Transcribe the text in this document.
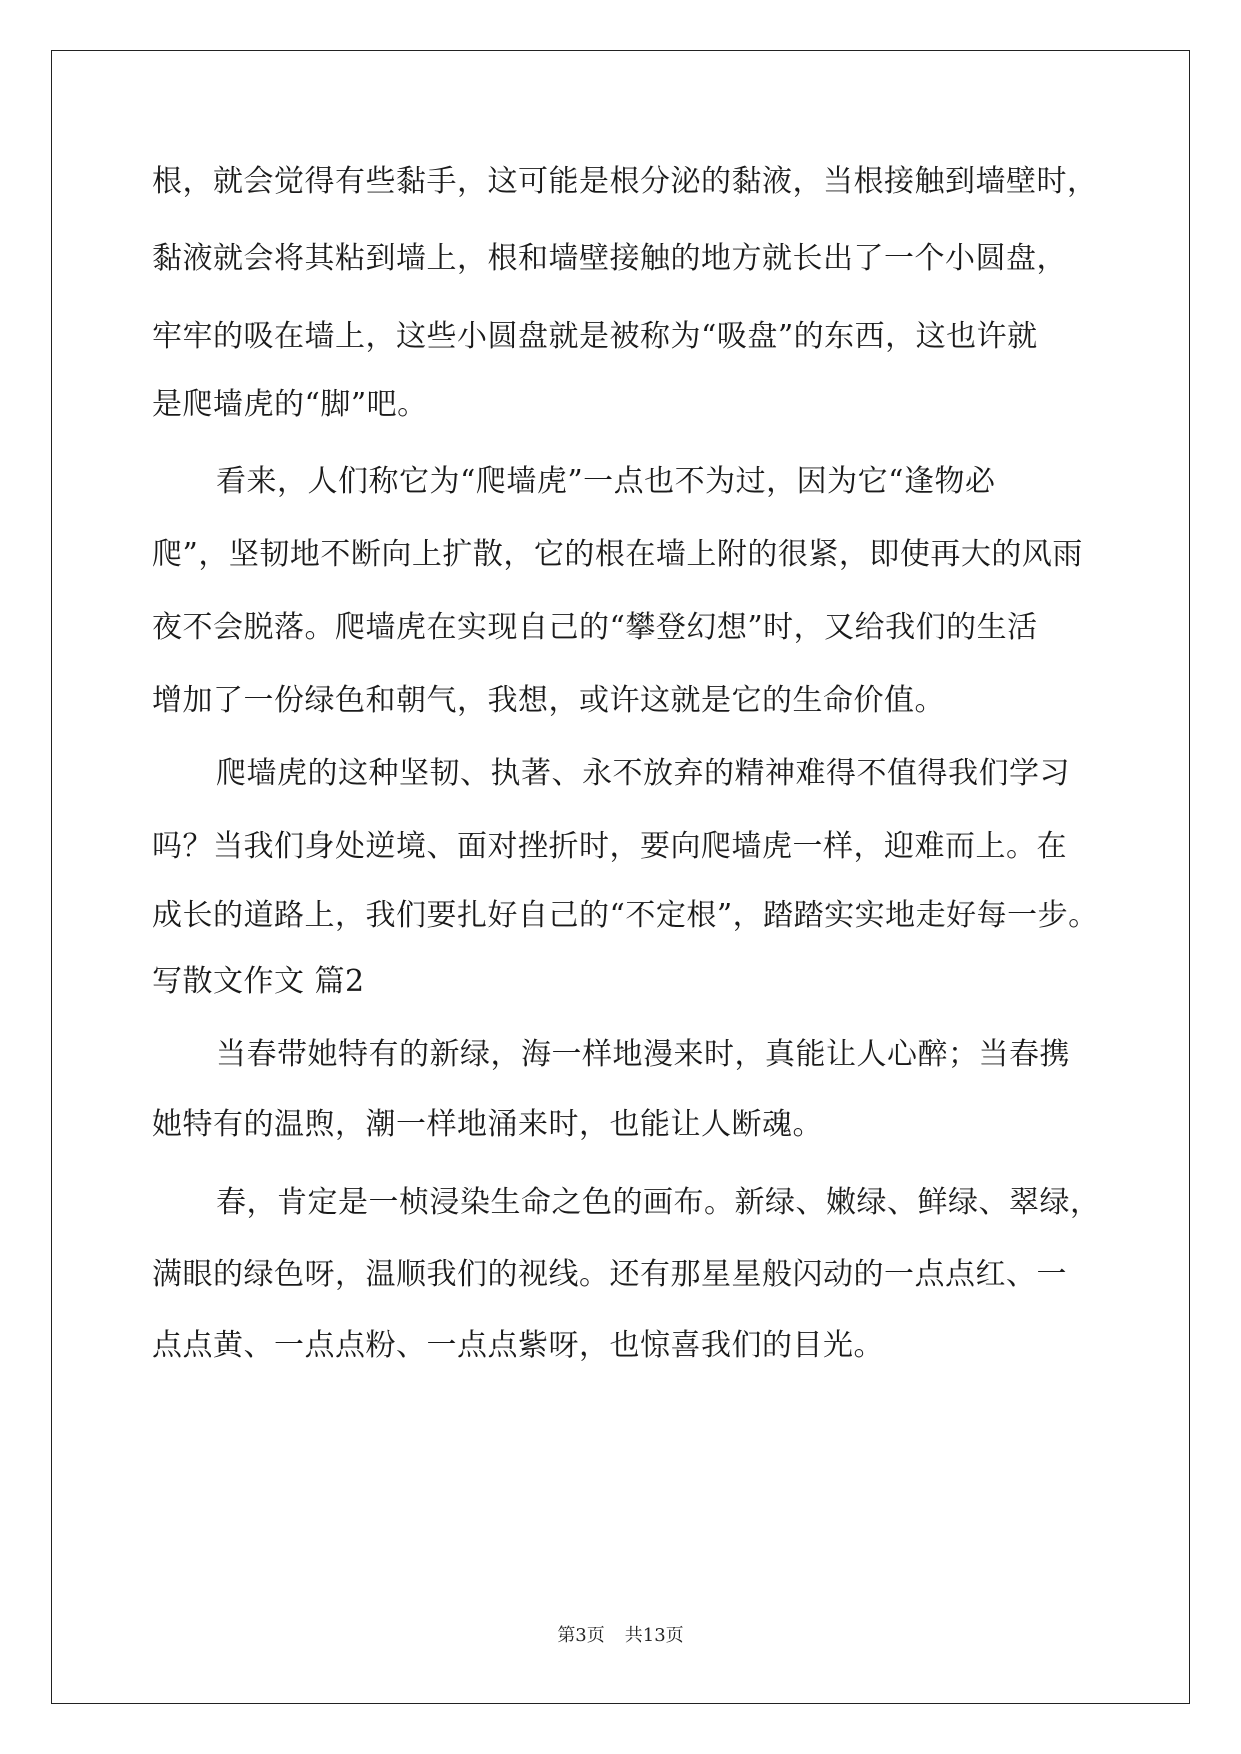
根，就会觉得有些黏手，这可能是根分泌的黏液，当根接触到墙壁时，
黏液就会将其粘到墙上，根和墙壁接触的地方就长出了一个小圆盘，
牢牢的吸在墙上，这些小圆盘就是被称为“吸盘”的东西，这也许就
是爬墙虎的“脚”吧。
看来，人们称它为“爬墙虎”一点也不为过，因为它“逢物必
爬”，坚韧地不断向上扩散，它的根在墙上附的很紧，即使再大的风雨
夜不会脱落。爬墙虎在实现自己的“攀登幻想”时，又给我们的生活
增加了一份绿色和朝气，我想，或许这就是它的生命价值。
爬墙虎的这种坚韧、执著、永不放弃的精神难得不值得我们学习
吗？当我们身处逆境、面对挫折时，要向爬墙虎一样，迎难而上。在
成长的道路上，我们要扎好自己的“不定根”，踏踏实实地走好每一步。
写散文作文 篇2
当春带她特有的新绿，海一样地漫来时，真能让人心醉；当春携
她特有的温煦，潮一样地涌来时，也能让人断魂。
春，肯定是一桢浸染生命之色的画布。新绿、嫩绿、鲜绿、翠绿，
满眼的绿色呀，温顺我们的视线。还有那星星般闪动的一点点红、一
点点黄、一点点粉、一点点紫呀，也惊喜我们的目光。
第3页 共13页
